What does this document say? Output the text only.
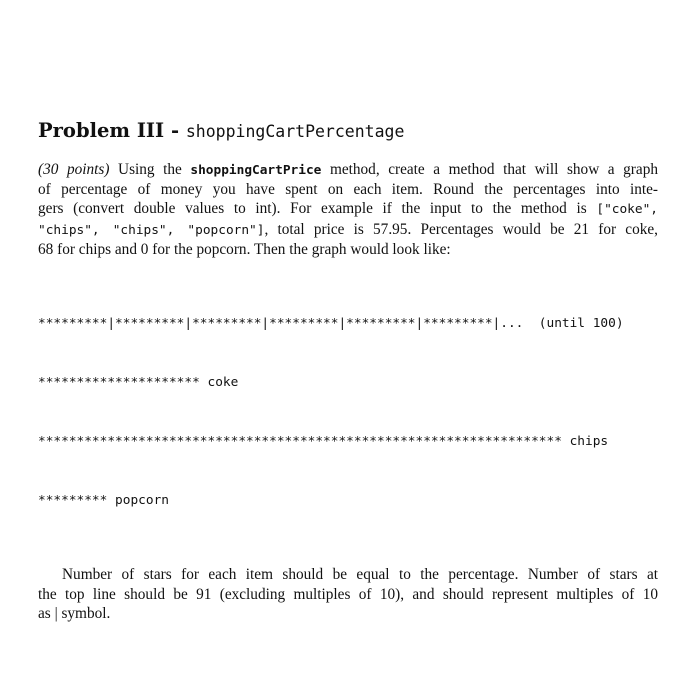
Problem III - shoppingCartPercentage
(30 points) Using the shoppingCartPrice method, create a method that will show a graph
of percentage of money you have spent on each item. Round the percentages into inte-
gers (convert double values to int). For example if the input to the method is ["coke",
"chips", "chips", "popcorn"], total price is 57.95. Percentages would be 21 for coke,
68 for chips and 0 for the popcorn. Then the graph would look like:

*********|*********|*********|*********|*********|*********|...  (until 100)

********************* coke

******************************************************************** chips

********* popcorn

Number of stars for each item should be equal to the percentage. Number of stars at
the top line should be 91 (excluding multiples of 10), and should represent multiples of 10
as | symbol.
